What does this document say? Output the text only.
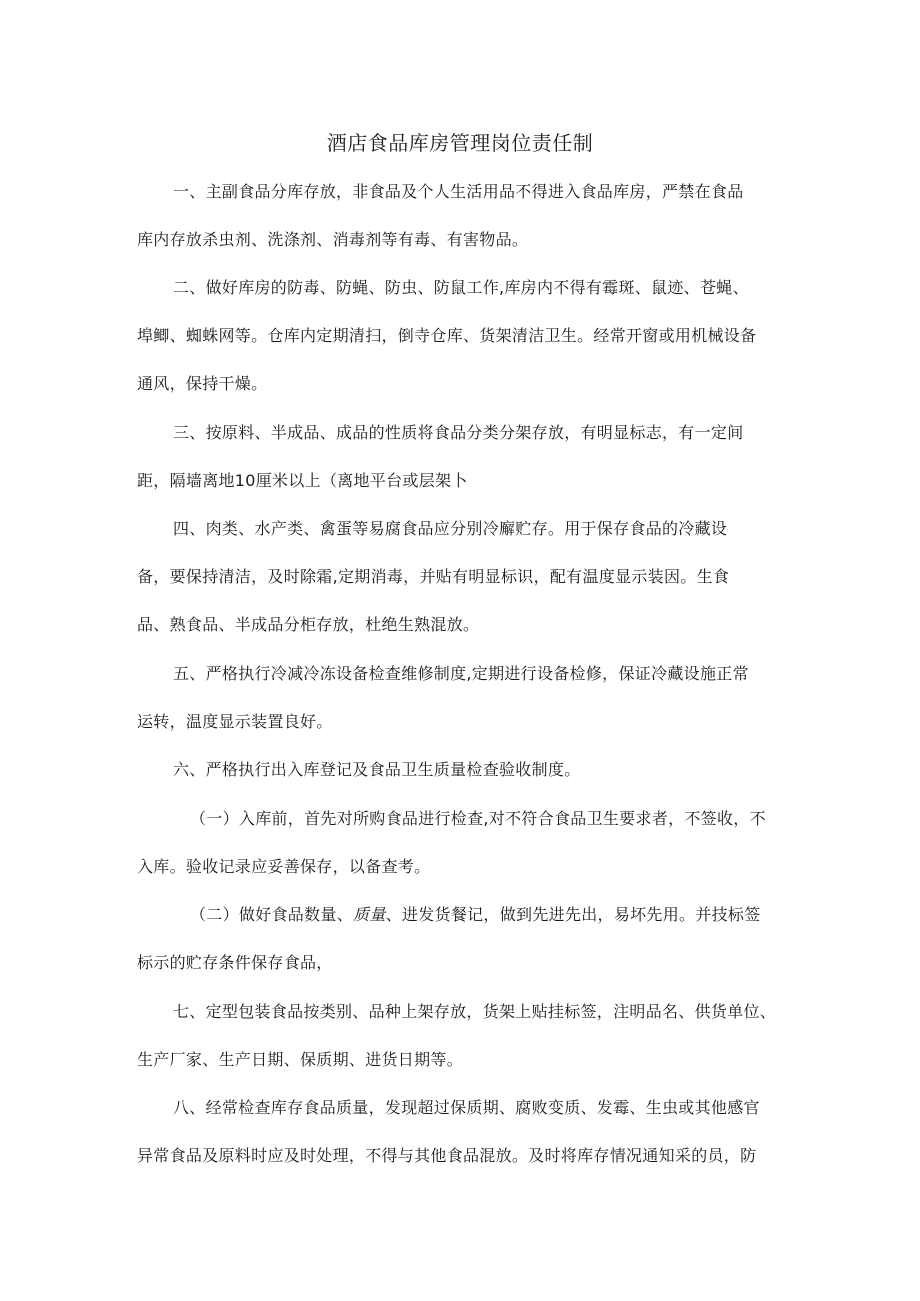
酒店食品库房管理岗位责任制

一、主副食品分库存放，非食品及个人生活用品不得进入食品库房，严禁在食品

库内存放杀虫剂、洗涤剂、消毒剂等有毒、有害物品。

二、做好库房的防毒、防蝇、防虫、防鼠工作,库房内不得有霉斑、鼠迹、苍蝇、

埠鲫、蜘蛛网等。仓库内定期清扫，倒寺仓库、货架清洁卫生。经常开窗或用机械设备

通风，保持干燥。

三、按原料、半成品、成品的性质将食品分类分架存放，有明显标志，有一定间

距，隔墙离地10厘米以上（离地平台或层架卜

四、肉类、水产类、禽蛋等易腐食品应分别冷廨贮存。用于保存食品的冷藏设

备，要保持清洁，及时除霜,定期消毒，并贴有明显标识，配有温度显示装因。生食

品、熟食品、半成品分柜存放，杜绝生熟混放。

五、严格执行冷减冷冻设备检查维修制度,定期进行设备检修，保证冷藏设施正常

运转，温度显示装置良好。

六、严格执行出入库登记及食品卫生质量检查验收制度。

（一）入库前，首先对所购食品进行检查,对不符合食品卫生要求者，不签收，不

入库。验收记录应妥善保存，以备查考。

（二）做好食品数量、质量、进发货餐记，做到先进先出，易坏先用。并技标签

标示的贮存条件保存食品，

七、定型包装食品按类别、品种上架存放，货架上贴挂标签，注明品名、供货单位、

生产厂家、生产日期、保质期、进货日期等。

八、经常检查库存食品质量，发现超过保质期、腐败变质、发霉、生虫或其他感官

异常食品及原料时应及时处理，不得与其他食品混放。及时将库存情况通知采的员，防
